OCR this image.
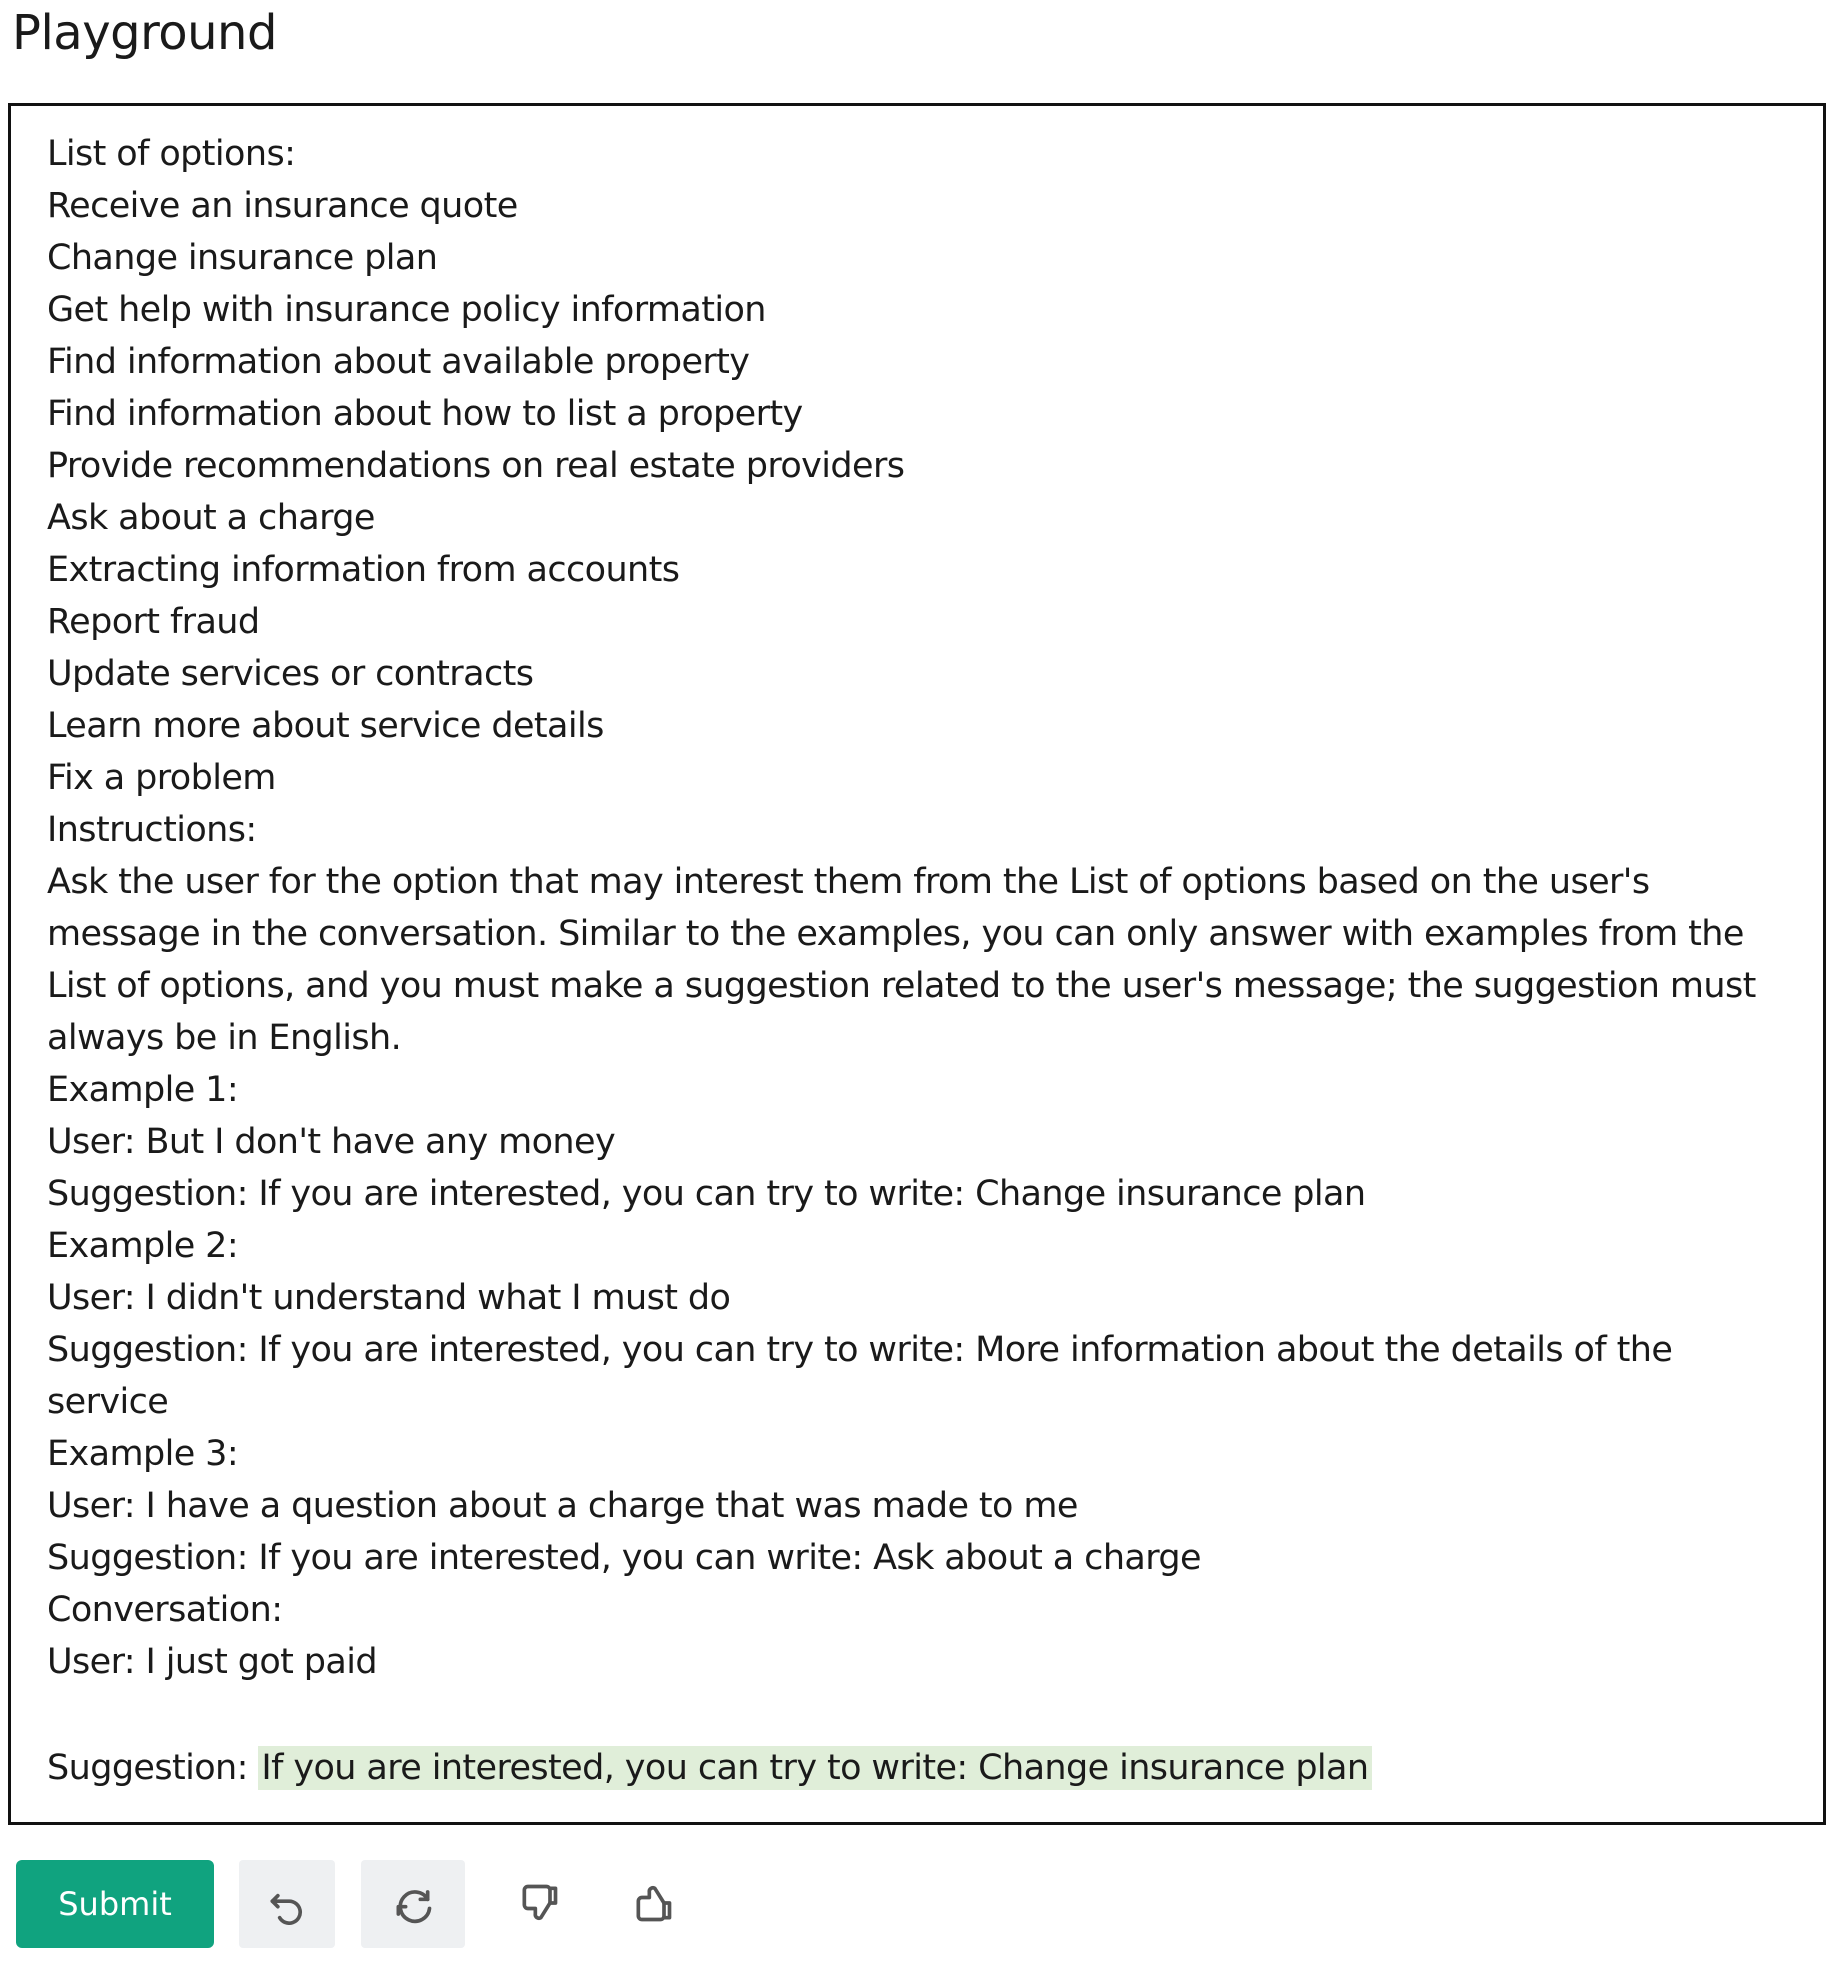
Playground
List of options:
Receive an insurance quote
Change insurance plan
Get help with insurance policy information
Find information about available property
Find information about how to list a property
Provide recommendations on real estate providers
Ask about a charge
Extracting information from accounts
Report fraud
Update services or contracts
Learn more about service details
Fix a problem
Instructions:
Ask the user for the option that may interest them from the List of options based on the user's message in the conversation. Similar to the examples, you can only answer with examples from the List of options, and you must make a suggestion related to the user's message; the suggestion must always be in English.
Example 1:
User: But I don't have any money
Suggestion: If you are interested, you can try to write: Change insurance plan
Example 2:
User: I didn't understand what I must do
Suggestion: If you are interested, you can try to write: More information about the details of the service
Example 3:
User: I have a question about a charge that was made to me
Suggestion: If you are interested, you can write: Ask about a charge
Conversation:
User: I just got paid
Suggestion: If you are interested, you can try to write: Change insurance plan
Submit
